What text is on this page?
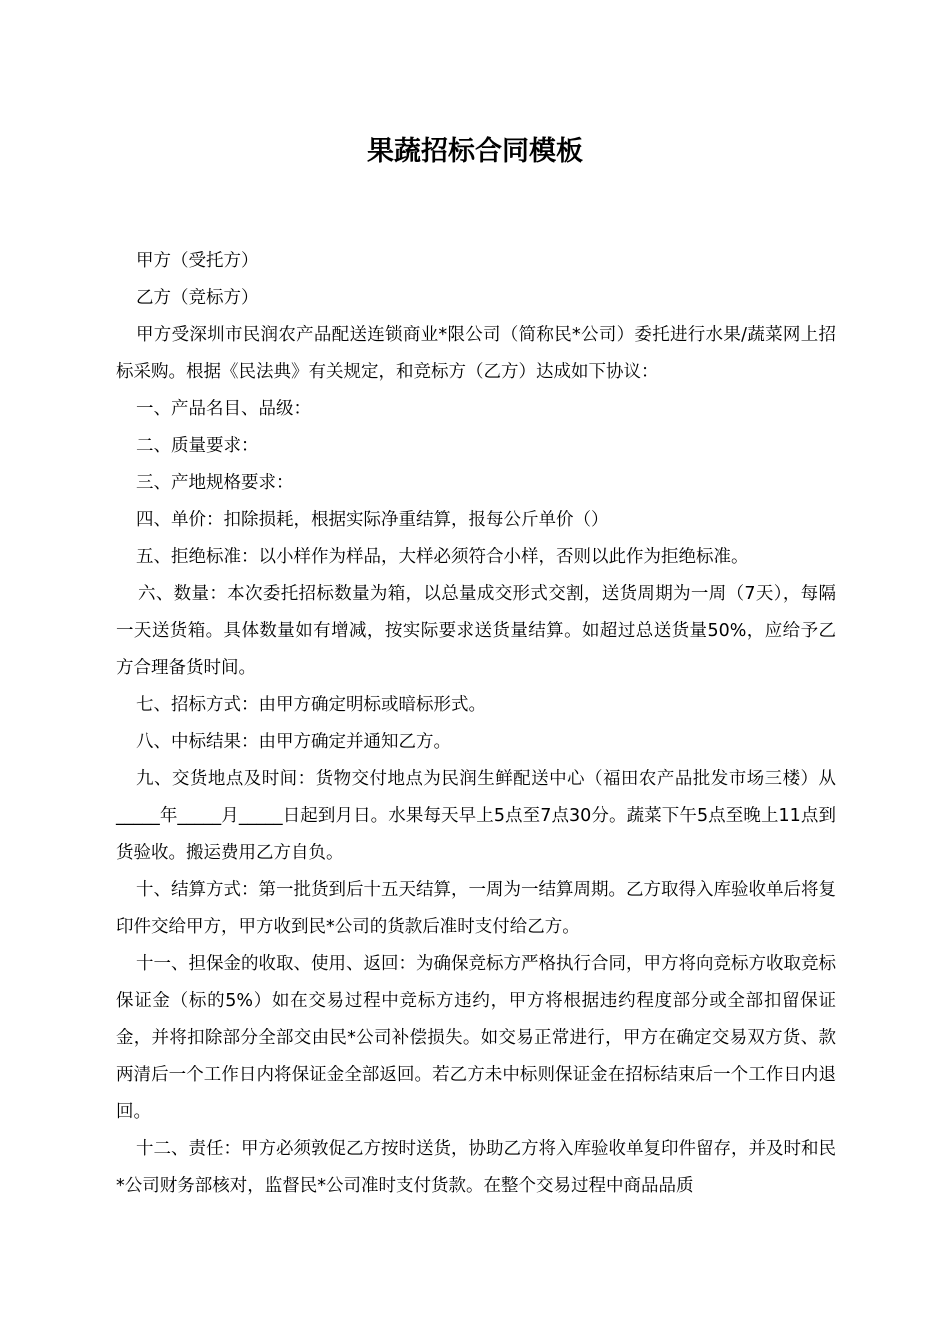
果蔬招标合同模板

甲方（受托方）

乙方（竞标方）

甲方受深圳市民润农产品配送连锁商业*限公司（简称民*公司）委托进行水果/蔬菜网上招标采购。根据《民法典》有关规定，和竞标方（乙方）达成如下协议：

一、产品名目、品级：

二、质量要求：

三、产地规格要求：

四、单价：扣除损耗，根据实际净重结算，报每公斤单价（）

五、拒绝标准：以小样作为样品，大样必须符合小样，否则以此作为拒绝标准。

六、数量：本次委托招标数量为箱，以总量成交形式交割，送货周期为一周（7天），每隔一天送货箱。具体数量如有增减，按实际要求送货量结算。如超过总送货量50%，应给予乙方合理备货时间。

七、招标方式：由甲方确定明标或暗标形式。

八、中标结果：由甲方确定并通知乙方。

九、交货地点及时间：货物交付地点为民润生鲜配送中心（福田农产品批发市场三楼）从_____年_____月_____日起到月日。水果每天早上5点至7点30分。蔬菜下午5点至晚上11点到货验收。搬运费用乙方自负。

十、结算方式：第一批货到后十五天结算，一周为一结算周期。乙方取得入库验收单后将复印件交给甲方，甲方收到民*公司的货款后准时支付给乙方。

十一、担保金的收取、使用、返回：为确保竞标方严格执行合同，甲方将向竞标方收取竞标保证金（标的5%）如在交易过程中竞标方违约，甲方将根据违约程度部分或全部扣留保证金，并将扣除部分全部交由民*公司补偿损失。如交易正常进行，甲方在确定交易双方货、款两清后一个工作日内将保证金全部返回。若乙方未中标则保证金在招标结束后一个工作日内退回。

十二、责任：甲方必须敦促乙方按时送货，协助乙方将入库验收单复印件留存，并及时和民*公司财务部核对，监督民*公司准时支付货款。在整个交易过程中商品品质
